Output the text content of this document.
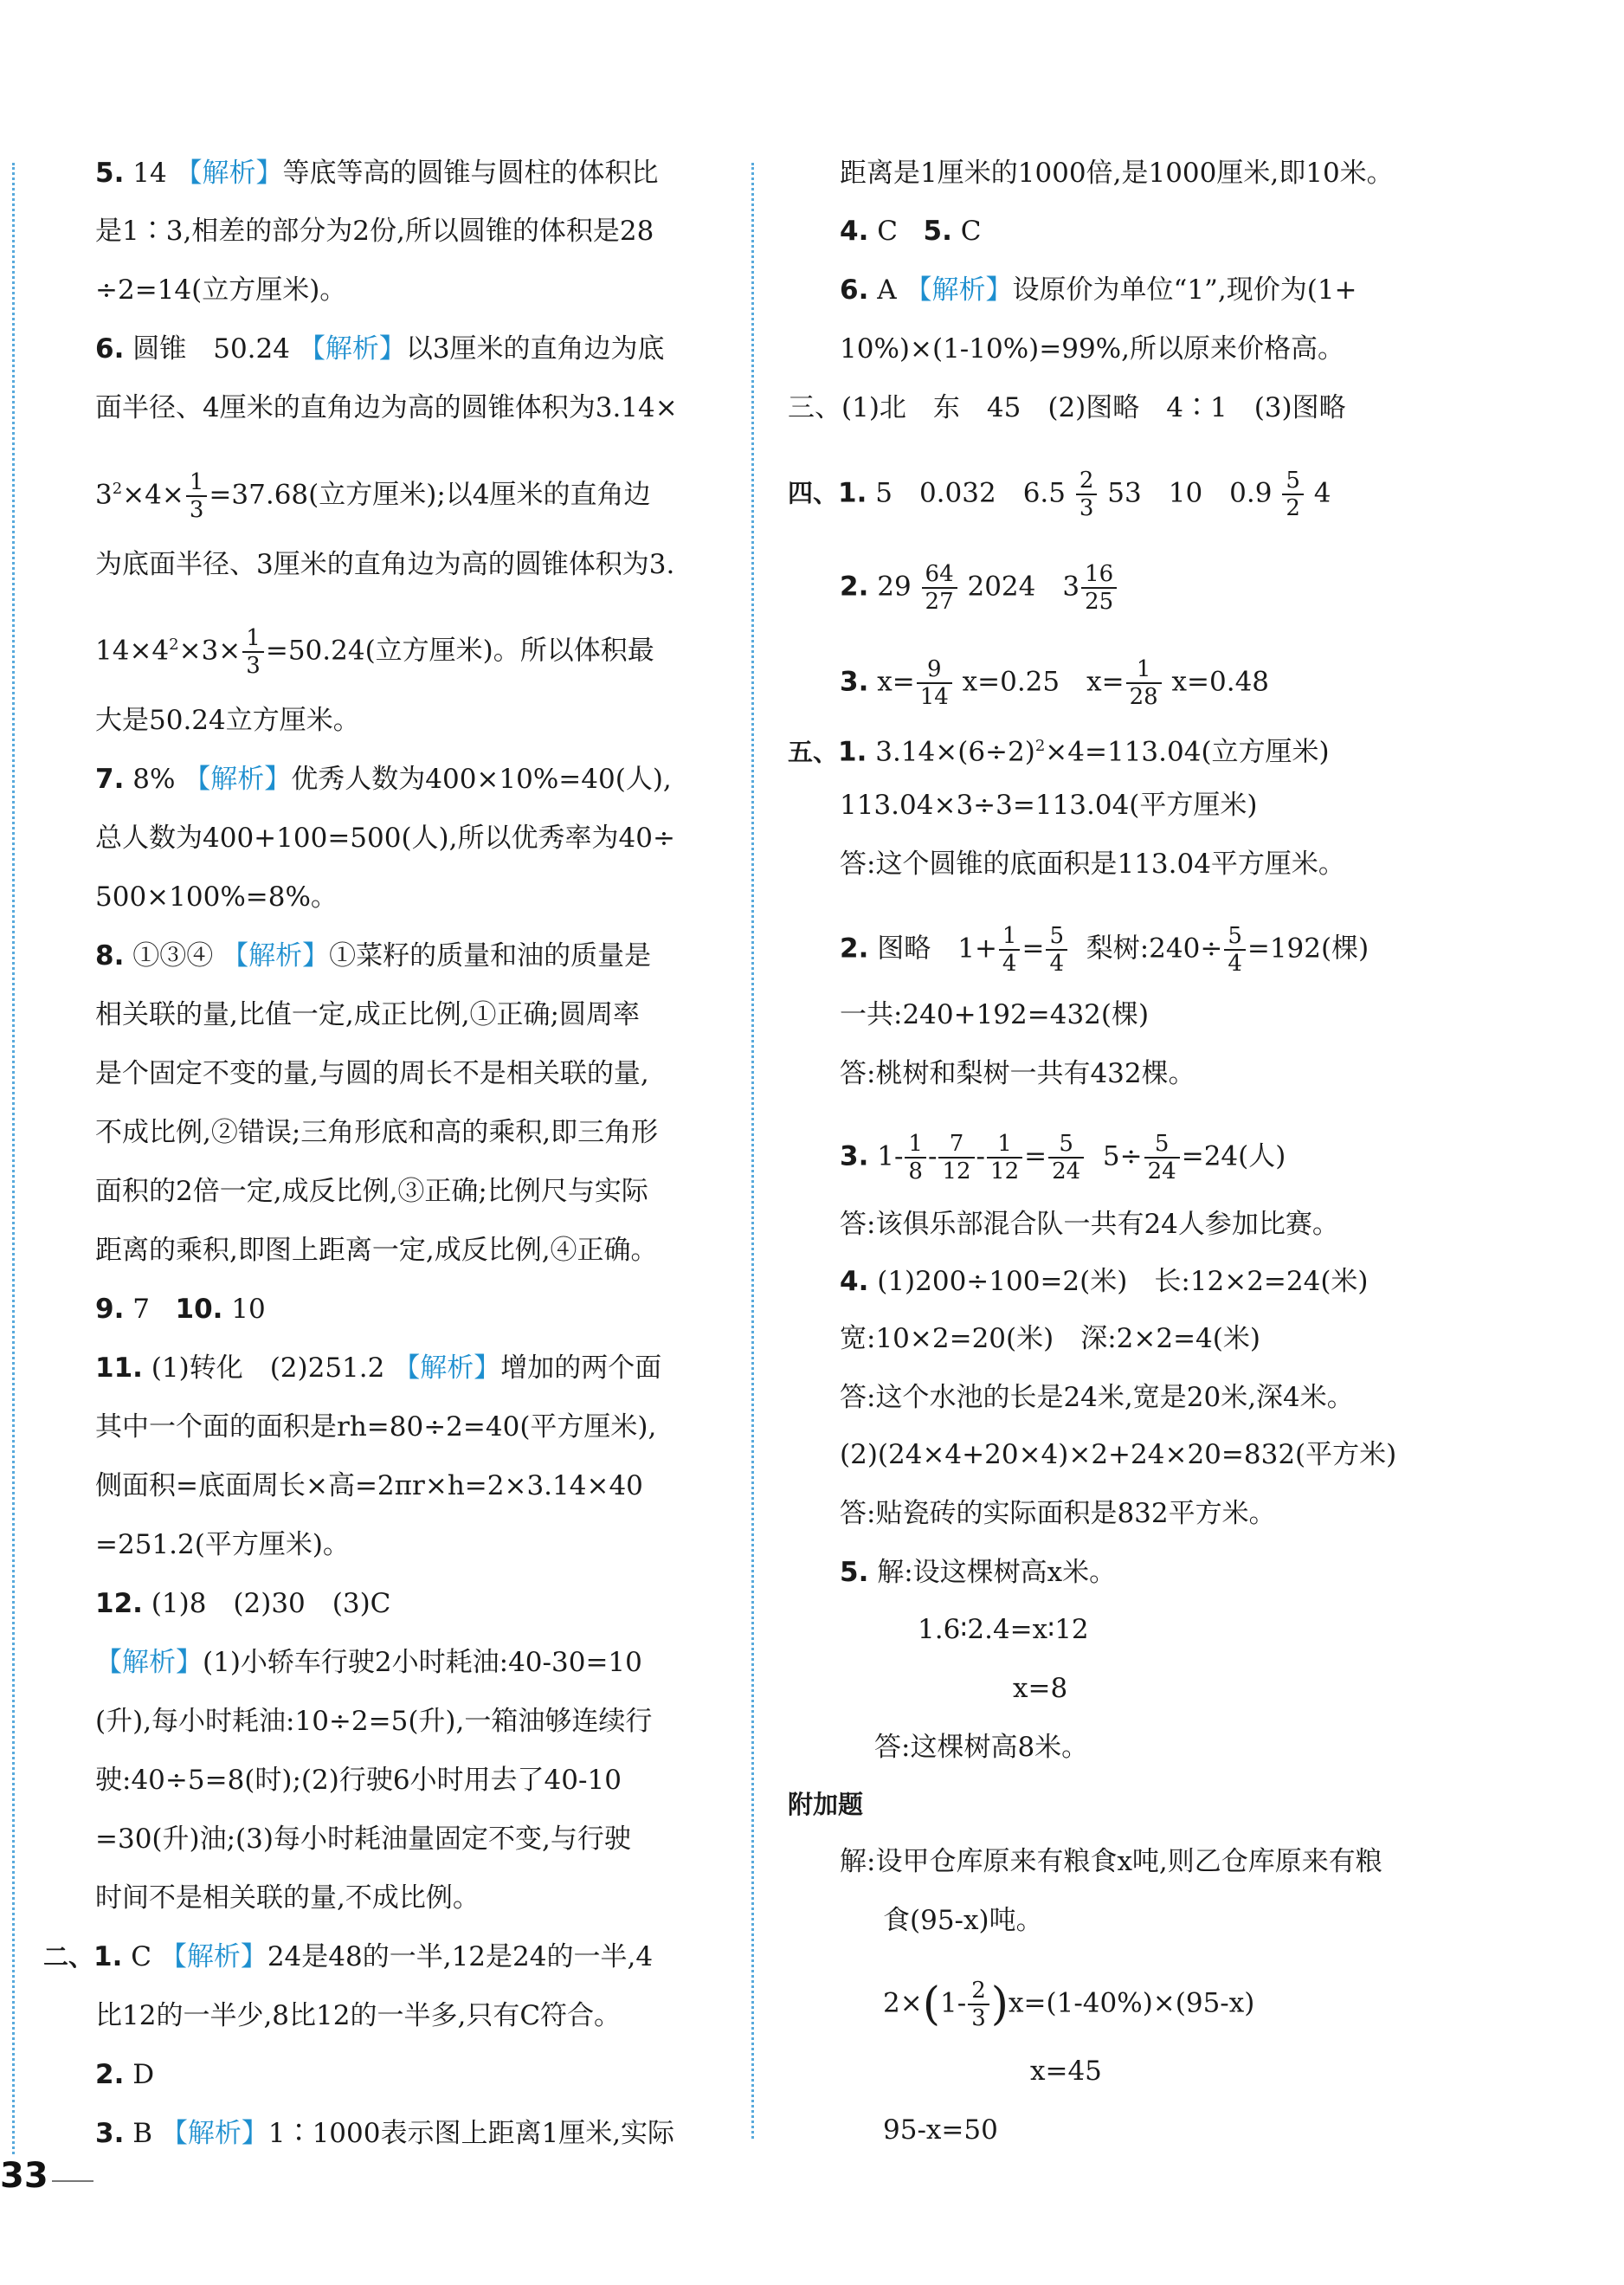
5. 14 【解析】等底等高的圆锥与圆柱的体积比
是1∶3,相差的部分为2份,所以圆锥的体积是28
÷2=14(立方厘米)。
6. 圆锥　50.24 【解析】以3厘米的直角边为底
面半径、4厘米的直角边为高的圆锥体积为3.14×
$3^2\times 4\times \frac{1}{3} =37.68$(立方厘米);以4厘米的直角边
为底面半径、3厘米的直角边为高的圆锥体积为3.
$14\times 4^2\times 3\times \frac{1}{3} =50.24$(立方厘米)。所以体积最
大是50.24立方厘米。
7. 8% 【解析】优秀人数为400×10%=40(人),
总人数为400+100=500(人),所以优秀率为40÷
500×100%=8%。
8. ①③④ 【解析】①菜籽的质量和油的质量是
相关联的量,比值一定,成正比例,①正确;圆周率
是个固定不变的量,与圆的周长不是相关联的量,
不成比例,②错误;三角形底和高的乘积,即三角形
面积的2倍一定,成反比例,③正确;比例尺与实际
距离的乘积,即图上距离一定,成反比例,④正确。
9. 7 10. 10
11. (1)转化　(2)251.2 【解析】增加的两个面
其中一个面的面积是rh=80÷2=40(平方厘米),
侧面积=底面周长×高=2πr×h=2×3.14×40
=251.2(平方厘米)。
12. (1)8　(2)30　(3)C
【解析】(1)小轿车行驶2小时耗油:40-30=10
(升),每小时耗油:10÷2=5(升),一箱油够连续行
驶:40÷5=8(时);(2)行驶6小时用去了40-10
=30(升)油;(3)每小时耗油量固定不变,与行驶
时间不是相关联的量,不成比例。
二、1. C 【解析】24是48的一半,12是24的一半,4
比12的一半少,8比12的一半多,只有C符合。
2. D
3. B 【解析】1∶1000表示图上距离1厘米,实际
距离是1厘米的1000倍,是1000厘米,即10米。
4. C 5. C
6. A 【解析】设原价为单位“1”,现价为(1+
10%)×(1-10%)=99%,所以原来价格高。
三、(1)北　东　45　(2)图略　4∶1　(3)图略
四、1. 5　0.032　$6.5 \frac{2}{3} 53$　10　$0.9 \frac{5}{2} 4$
2. $29 \frac{64}{27} 2024$　$3 \frac{16}{25}$
3. $x= \frac{9}{14} x=0.25$　$x= \frac{1}{28} x=0.48$
五、1. $3.14\times(6\div 2)^2\times 4=113.04$(立方厘米)
113.04×3÷3=113.04(平方厘米)
答:这个圆锥的底面积是113.04平方厘米。
2. 图略　$1+ \frac{1}{4} = \frac{5}{4}$ 梨树:240÷ $\frac{5}{4} =192$(棵)
一共:240+192=432(棵)
答:桃树和梨树一共有432棵。
3. $1- \frac{1}{8} - \frac{7}{12} - \frac{1}{12} = \frac{5}{24} 5\div \frac{5}{24} =24$(人)
答:该俱乐部混合队一共有24人参加比赛。
4. (1)200÷100=2(米)　长:12×2=24(米)
宽:10×2=20(米)　深:2×2=4(米)
答:这个水池的长是24米,宽是20米,深4米。
(2)(24×4+20×4)×2+24×20=832(平方米)
答:贴瓷砖的实际面积是832平方米。
5. 解:设这棵树高x米。
1.6∶2.4=x∶12
x=8
答:这棵树高8米。
附加题
解:设甲仓库原来有粮食x吨,则乙仓库原来有粮
食(95-x)吨。
$2\times(1- \frac{2}{3} )x=(1-40\%)\times(95-x)$
x=45
95-x=50
33
